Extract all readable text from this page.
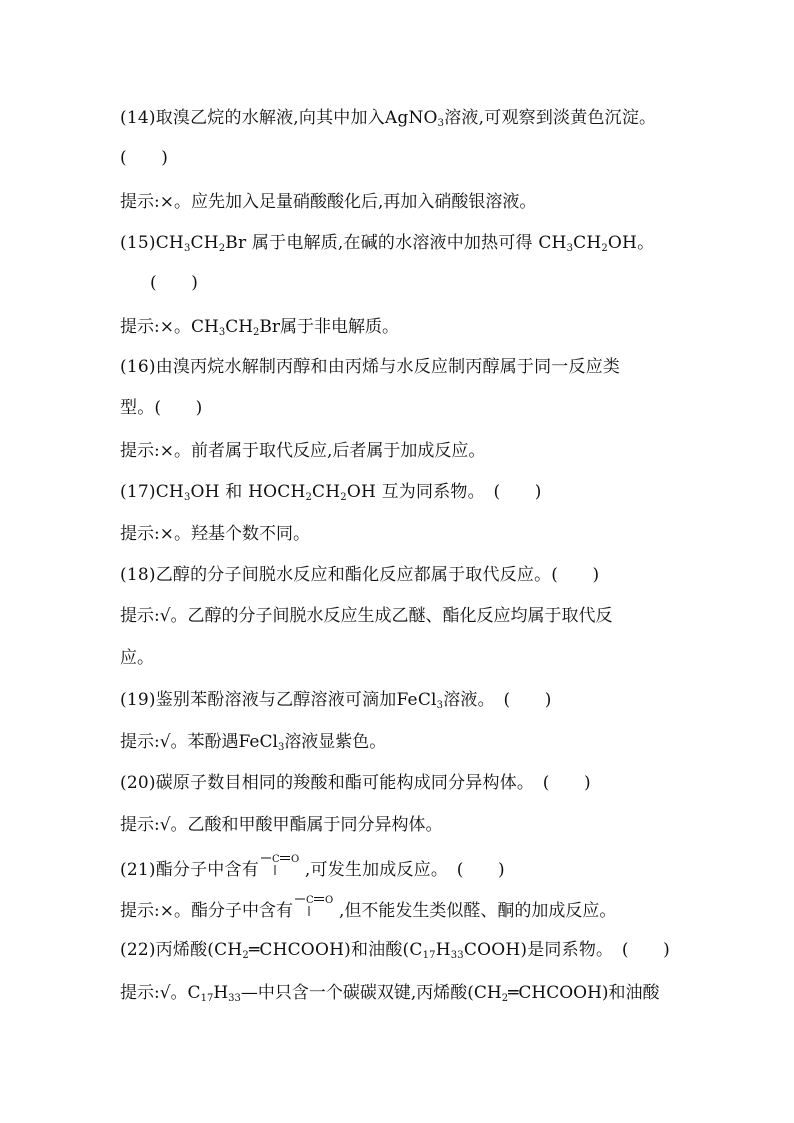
(14)取溴乙烷的水解液,向其中加入AgNO$_3$溶液,可观察到淡黄色沉淀。
(　　)
提示:×。应先加入足量硝酸酸化后,再加入硝酸银溶液。
$(15)CH_3CH_2Br$ 属于电解质,在碱的水溶液中加热可得 $CH_3CH_2OH$。
(　　)
提示:×。$CH_3CH_2Br$属于非电解质。
(16)由溴丙烷水解制丙醇和由丙烯与水反应制丙醇属于同一反应类
型。(　　)
提示:×。前者属于取代反应,后者属于加成反应。
$(17)CH_3OH$ 和 $HOCH_2CH_2OH$ 互为同系物。　(　　)
提示:×。羟基个数不同。
(18)乙醇的分子间脱水反应和酯化反应都属于取代反应。(　　)
提示:√。乙醇的分子间脱水反应生成乙醚、酯化反应均属于取代反
应。
(19)鉴别苯酚溶液与乙醇溶液可滴加FeCl$_3$溶液。　(　　)
提示:√。苯酚遇FeCl$_3$溶液显紫色。
(20)碳原子数目相同的羧酸和酯可能构成同分异构体。　(　　)
提示:√。乙酸和甲酸甲酯属于同分异构体。
(21)酯分子中含有
C O
,可发生加成反应。　(　　)
提示:×。酯分子中含有
C O
,但不能发生类似醛、酮的加成反应。
(22)丙烯酸$(CH_2═CHCOOH)$和油酸$(C_{17}H_{33}COOH)$是同系物。　(　　)
提示:√。$C_{17}H_{33}—$中只含一个碳碳双键,丙烯酸$(CH_2═CHCOOH)$和油酸
